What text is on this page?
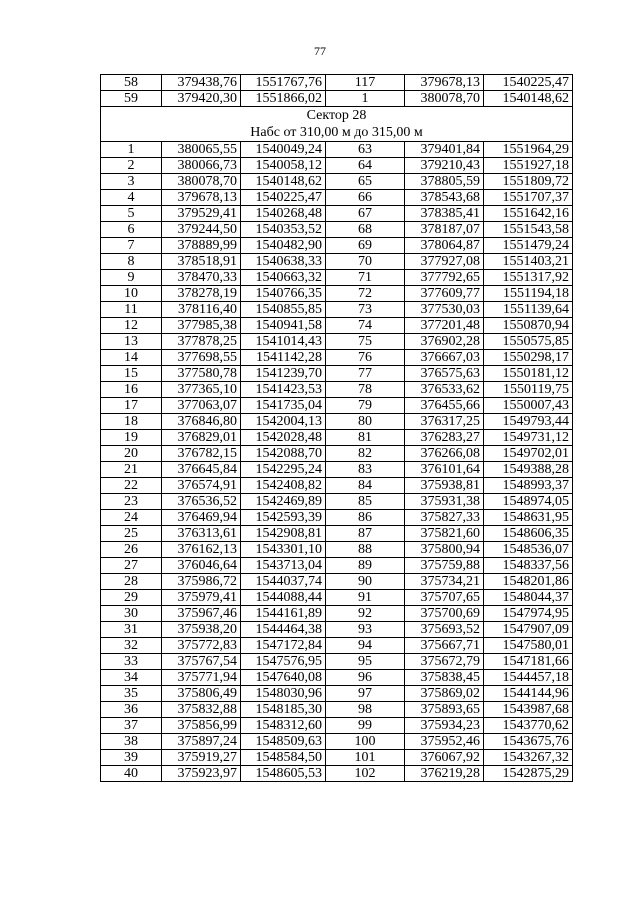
77
58	379438,76	1551767,76	117	379678,13	1540225,47
59	379420,30	1551866,02	1	380078,70	1540148,62

Сектор 28
Набс от 310,00 м до 315,00 м					

1	380065,55	1540049,24	63	379401,84	1551964,29
2	380066,73	1540058,12	64	379210,43	1551927,18
3	380078,70	1540148,62	65	378805,59	1551809,72
4	379678,13	1540225,47	66	378543,68	1551707,37
5	379529,41	1540268,48	67	378385,41	1551642,16
6	379244,50	1540353,52	68	378187,07	1551543,58
7	378889,99	1540482,90	69	378064,87	1551479,24
8	378518,91	1540638,33	70	377927,08	1551403,21
9	378470,33	1540663,32	71	377792,65	1551317,92
10	378278,19	1540766,35	72	377609,77	1551194,18
11	378116,40	1540855,85	73	377530,03	1551139,64
12	377985,38	1540941,58	74	377201,48	1550870,94
13	377878,25	1541014,43	75	376902,28	1550575,85
14	377698,55	1541142,28	76	376667,03	1550298,17
15	377580,78	1541239,70	77	376575,63	1550181,12
16	377365,10	1541423,53	78	376533,62	1550119,75
17	377063,07	1541735,04	79	376455,66	1550007,43
18	376846,80	1542004,13	80	376317,25	1549793,44
19	376829,01	1542028,48	81	376283,27	1549731,12
20	376782,15	1542088,70	82	376266,08	1549702,01
21	376645,84	1542295,24	83	376101,64	1549388,28
22	376574,91	1542408,82	84	375938,81	1548993,37
23	376536,52	1542469,89	85	375931,38	1548974,05
24	376469,94	1542593,39	86	375827,33	1548631,95
25	376313,61	1542908,81	87	375821,60	1548606,35
26	376162,13	1543301,10	88	375800,94	1548536,07
27	376046,64	1543713,04	89	375759,88	1548337,56
28	375986,72	1544037,74	90	375734,21	1548201,86
29	375979,41	1544088,44	91	375707,65	1548044,37
30	375967,46	1544161,89	92	375700,69	1547974,95
31	375938,20	1544464,38	93	375693,52	1547907,09
32	375772,83	1547172,84	94	375667,71	1547580,01
33	375767,54	1547576,95	95	375672,79	1547181,66
34	375771,94	1547640,08	96	375838,45	1544457,18
35	375806,49	1548030,96	97	375869,02	1544144,96
36	375832,88	1548185,30	98	375893,65	1543987,68
37	375856,99	1548312,60	99	375934,23	1543770,62
38	375897,24	1548509,63	100	375952,46	1543675,76
39	375919,27	1548584,50	101	376067,92	1543267,32
40	375923,97	1548605,53	102	376219,28	1542875,29
